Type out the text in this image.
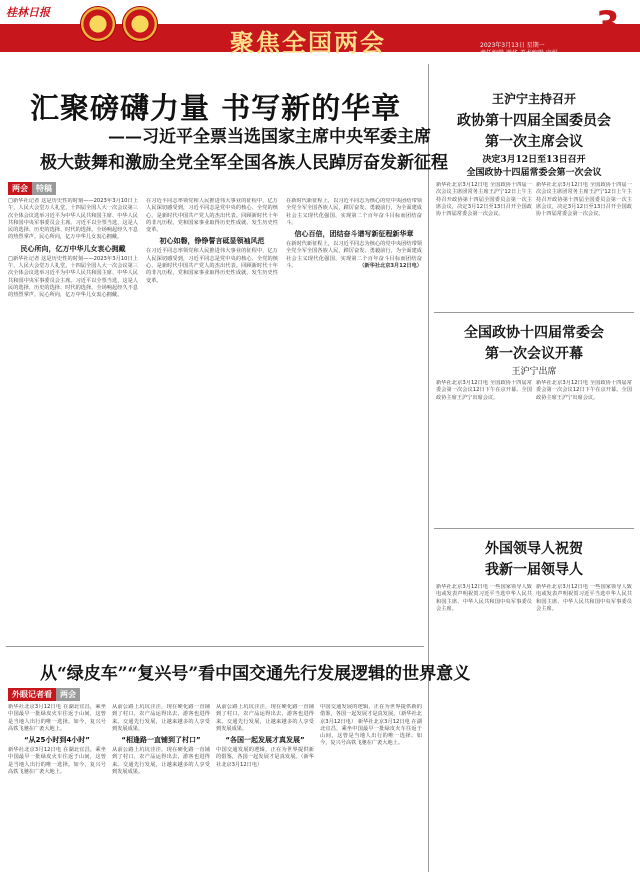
桂林日报
聚焦全国两会	3
2023年3月13日 星期一
责任编辑 谢华 美术编辑 唐娟
汇聚磅礴力量 书写新的华章
——习近平全票当选国家主席中央军委主席
极大鼓舞和激励全党全军全国各族人民踔厉奋发新征程
两会	特稿
□新华社记者 这是历史性的时刻——2023年3月10日上午，人民大会堂万人礼堂，十四届全国人大一次会议第三次全体会议选举习近平为中华人民共和国主席、中华人民共和国中央军事委员会主席。习近平以全票当选，这是人民的选择、历史的选择、时代的选择。全场响起经久不息的热烈掌声。民心所向，亿万中华儿女衷心拥戴。
民心所向，亿万中华儿女衷心拥戴
□新华社记者 这是历史性的时刻——2023年3月10日上午，人民大会堂万人礼堂，十四届全国人大一次会议第三次全体会议选举习近平为中华人民共和国主席、中华人民共和国中央军事委员会主席。习近平以全票当选，这是人民的选择、历史的选择、时代的选择。全场响起经久不息的热烈掌声。民心所向，亿万中华儿女衷心拥戴。
在习近平同志率领党和人民推进伟大事业的征程中，亿万人民深切感受到，习近平同志是党中央的核心、全党的核心，是新时代中国共产党人的杰出代表。回顾新时代十年的非凡历程，党和国家事业取得历史性成就、发生历史性变革。
初心如磐，铮铮誓言砥显领袖风范
在习近平同志率领党和人民推进伟大事业的征程中，亿万人民深切感受到，习近平同志是党中央的核心、全党的核心，是新时代中国共产党人的杰出代表。回顾新时代十年的非凡历程，党和国家事业取得历史性成就、发生历史性变革。
在新时代新征程上，以习近平同志为核心的党中央团结带领全党全军全国各族人民，踔厉奋发、勇毅前行，为全面建成社会主义现代化强国、实现第二个百年奋斗目标而团结奋斗。
信心百倍，团结奋斗谱写新征程新华章
在新时代新征程上，以习近平同志为核心的党中央团结带领全党全军全国各族人民，踔厉奋发、勇毅前行，为全面建成社会主义现代化强国、实现第二个百年奋斗目标而团结奋斗。	（新华社北京3月12日电）
王沪宁主持召开
政协第十四届全国委员会
第一次主席会议
决定3月12日至13日召开
全国政协十四届常委会第一次会议
新华社北京3月12日电 全国政协十四届一次会议主席团常务主席王沪宁12日上午主持召开政协第十四届全国委员会第一次主席会议，决定3月12日至13日召开全国政协十四届常委会第一次会议。
新华社北京3月12日电 全国政协十四届一次会议主席团常务主席王沪宁12日上午主持召开政协第十四届全国委员会第一次主席会议，决定3月12日至13日召开全国政协十四届常委会第一次会议。
全国政协十四届常委会
第一次会议开幕
王沪宁出席
新华社北京3月12日电 全国政协十四届常委会第一次会议12日下午在京开幕。全国政协主席王沪宁出席会议。
新华社北京3月12日电 全国政协十四届常委会第一次会议12日下午在京开幕。全国政协主席王沪宁出席会议。
外国领导人祝贺
我新一届领导人
新华社北京3月12日电 一些国家领导人致电或发表声明祝贺习近平当选中华人民共和国主席、中华人民共和国中央军事委员会主席。
新华社北京3月12日电 一些国家领导人致电或发表声明祝贺习近平当选中华人民共和国主席、中华人民共和国中央军事委员会主席。
从“绿皮车”“复兴号”看中国交通先行发展逻辑的世界意义
外眼记者看	两会
新华社北京3月12日电 在湖北宜昌，乘坐中国最早一批绿皮火车往返于山间，这曾是当地人出行的唯一选择。如今，复兴号高铁飞驰在广袤大地上。
“从25小时到4小时”
新华社北京3月12日电 在湖北宜昌，乘坐中国最早一批绿皮火车往返于山间，这曾是当地人出行的唯一选择。如今，复兴号高铁飞驰在广袤大地上。
从前公路上坑坑洼洼，现在硬化路一直铺到了村口，农产品运得出去，游客也进得来。交通先行发展，让越来越多的人享受到发展成果。
“相逢路一直铺到了村口”
从前公路上坑坑洼洼，现在硬化路一直铺到了村口，农产品运得出去，游客也进得来。交通先行发展，让越来越多的人享受到发展成果。
从前公路上坑坑洼洼，现在硬化路一直铺到了村口，农产品运得出去，游客也进得来。交通先行发展，让越来越多的人享受到发展成果。
“各国一起发展才真发展”
中国交通发展的逻辑，正在为世界提供新的借鉴，各国一起发展才是真发展。（新华社北京3月12日电）
中国交通发展的逻辑，正在为世界提供新的借鉴，各国一起发展才是真发展。（新华社北京3月12日电） 新华社北京3月12日电 在湖北宜昌，乘坐中国最早一批绿皮火车往返于山间，这曾是当地人出行的唯一选择。如今，复兴号高铁飞驰在广袤大地上。
